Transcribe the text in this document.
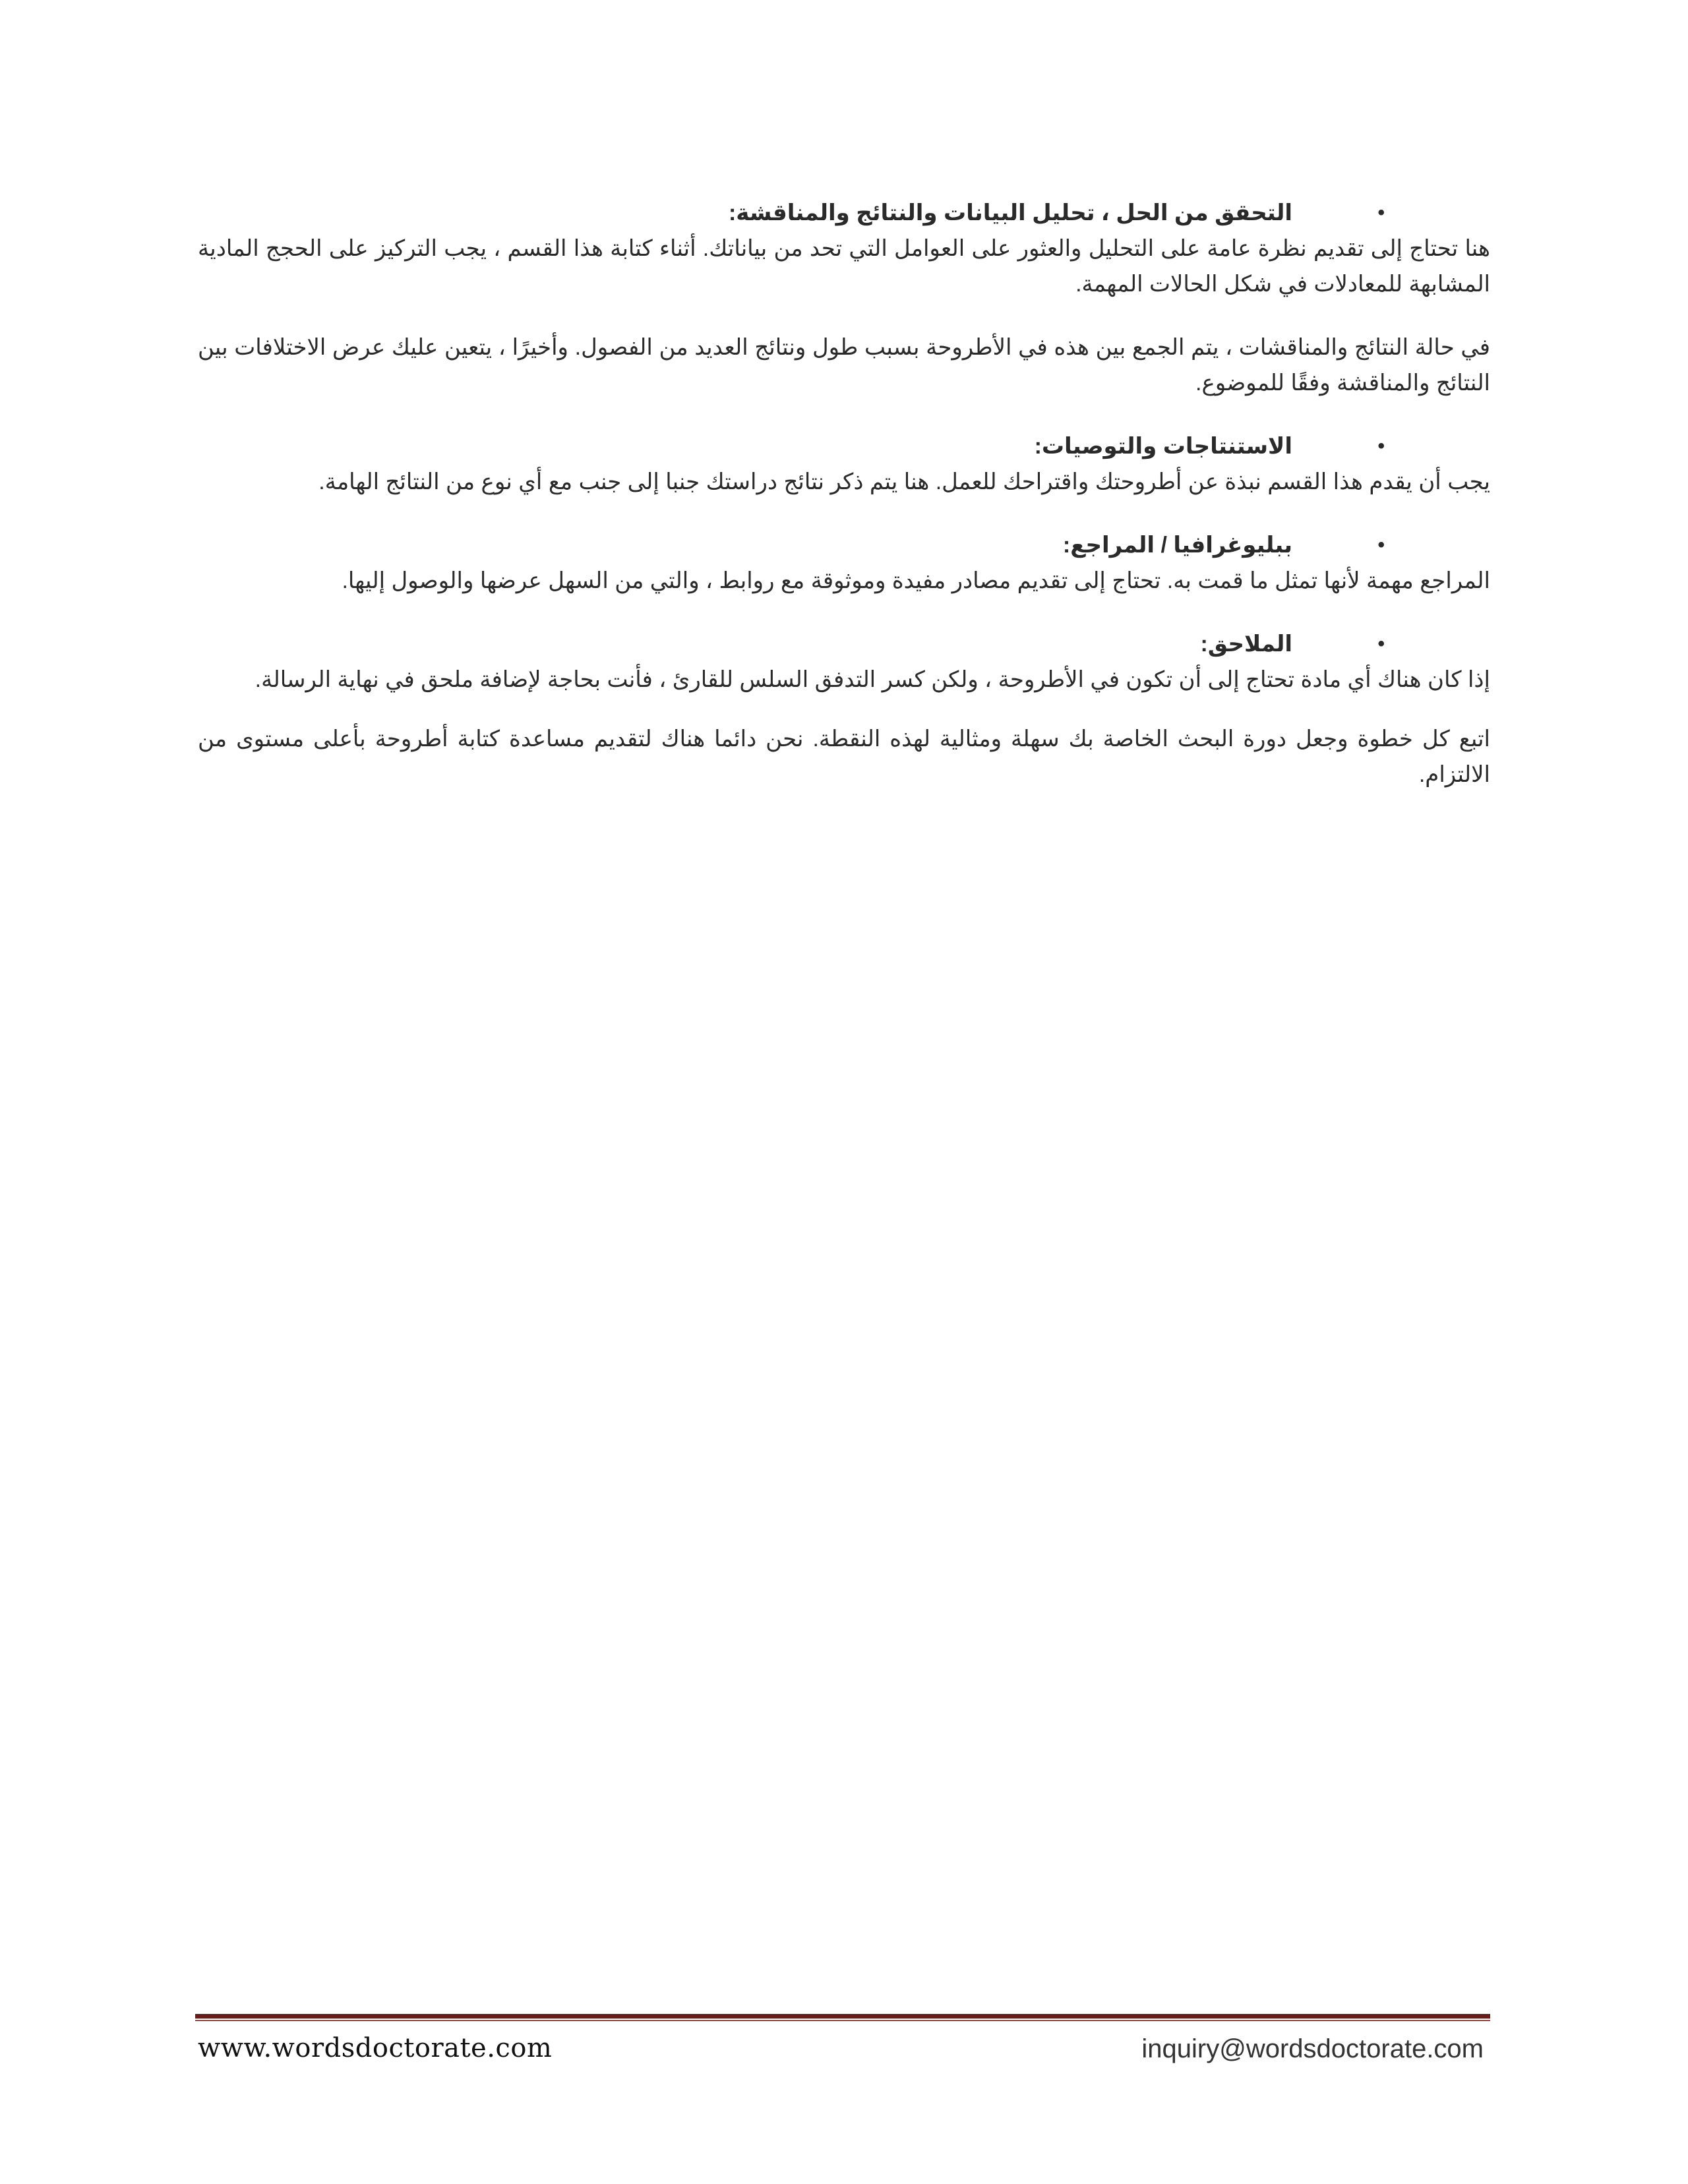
•
التحقق من الحل ، تحليل البيانات والنتائج والمناقشة:

هنا تحتاج إلى تقديم نظرة عامة على التحليل والعثور على العوامل التي تحد من بياناتك. أثناء كتابة هذا القسم ، يجب التركيز على الحجج المادية المشابهة للمعادلات في شكل الحالات المهمة.

في حالة النتائج والمناقشات ، يتم الجمع بين هذه في الأطروحة بسبب طول ونتائج العديد من الفصول. وأخيرًا ، يتعين عليك عرض الاختلافات بين النتائج والمناقشة وفقًا للموضوع.

•
الاستنتاجات والتوصيات:

يجب أن يقدم هذا القسم نبذة عن أطروحتك واقتراحك للعمل. هنا يتم ذكر نتائج دراستك جنبا إلى جنب مع أي نوع من النتائج الهامة.

•
ببليوغرافيا / المراجع:

المراجع مهمة لأنها تمثل ما قمت به. تحتاج إلى تقديم مصادر مفيدة وموثوقة مع روابط ، والتي من السهل عرضها والوصول إليها.

•
الملاحق:

إذا كان هناك أي مادة تحتاج إلى أن تكون في الأطروحة ، ولكن كسر التدفق السلس للقارئ ، فأنت بحاجة لإضافة ملحق في نهاية الرسالة.

اتبع كل خطوة وجعل دورة البحث الخاصة بك سهلة ومثالية لهذه النقطة. نحن دائما هناك لتقديم مساعدة كتابة أطروحة بأعلى مستوى من الالتزام.

www.wordsdoctorate.com	inquiry@wordsdoctorate.com
